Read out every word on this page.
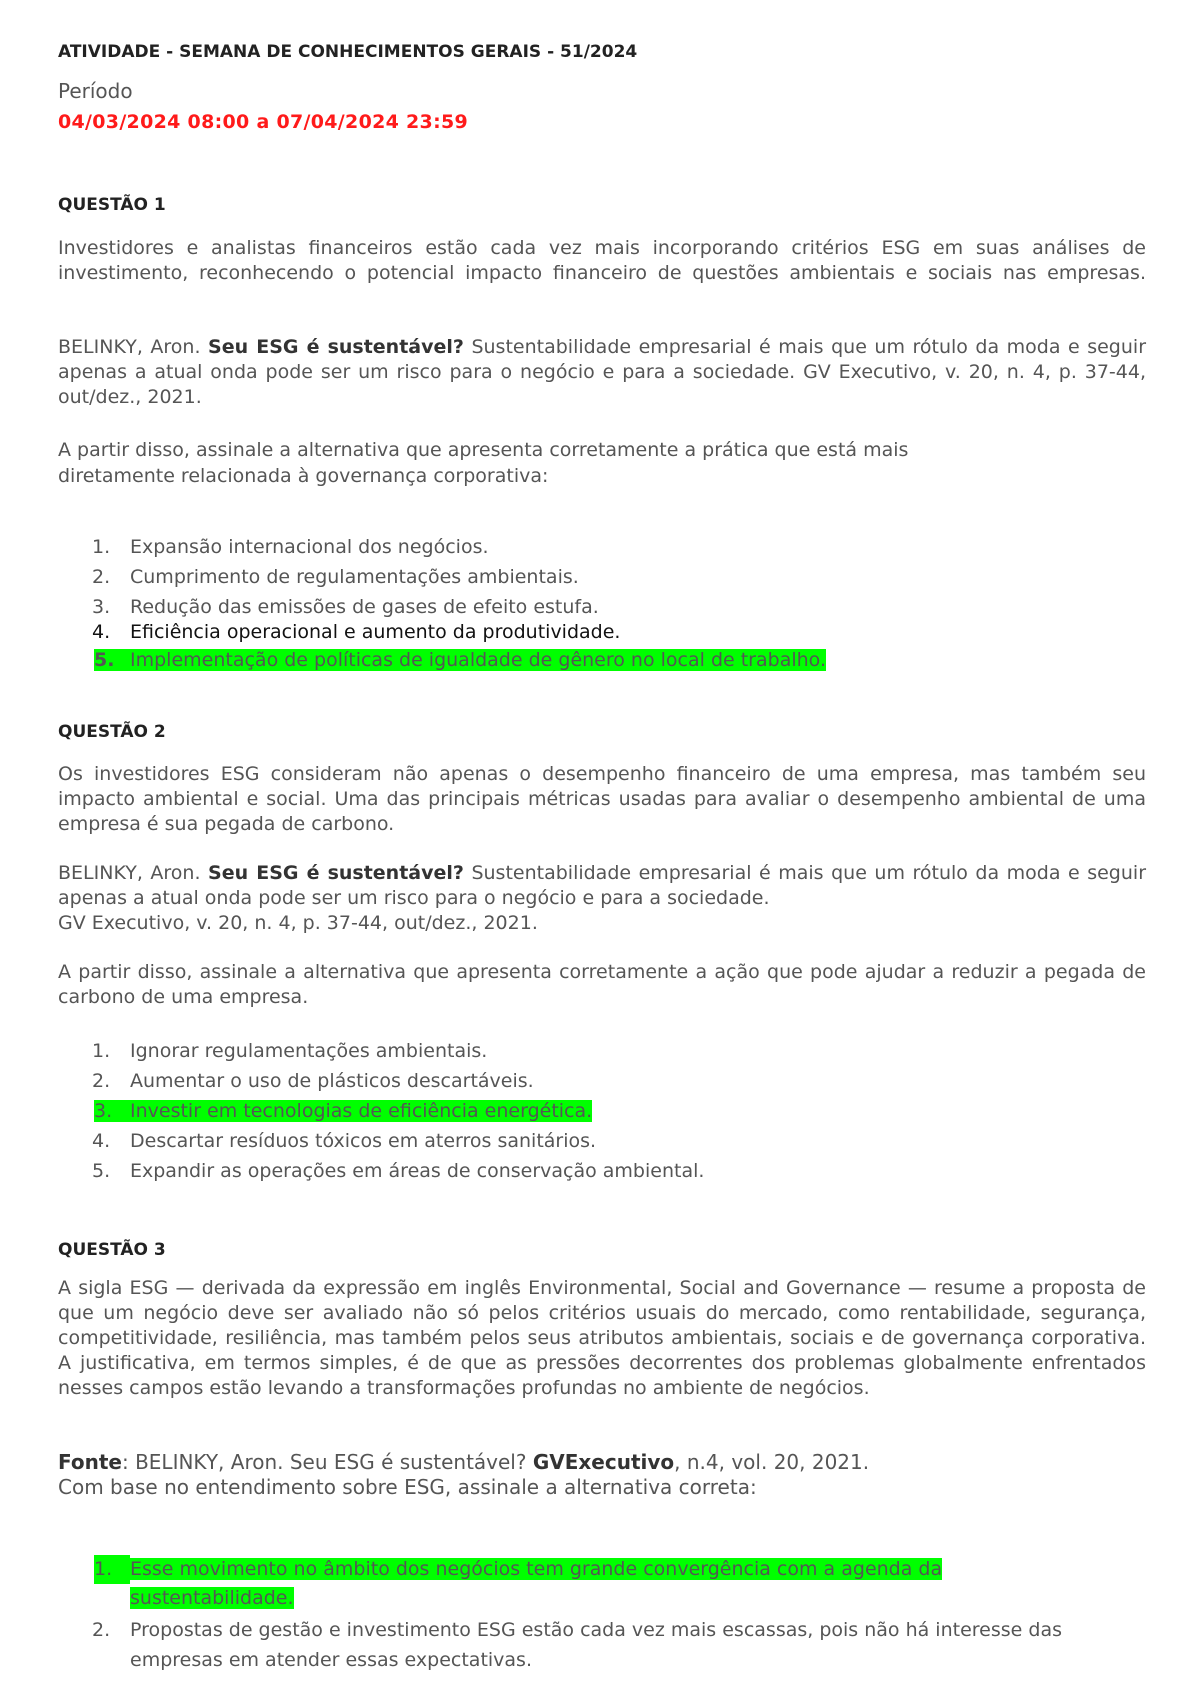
ATIVIDADE - SEMANA DE CONHECIMENTOS GERAIS - 51/2024
Período
04/03/2024 08:00 a 07/04/2024 23:59
QUESTÃO 1
Investidores e analistas financeiros estão cada vez mais incorporando critérios ESG em suas análises de investimento, reconhecendo o potencial impacto financeiro de questões ambientais e sociais nas empresas.
BELINKY, Aron. Seu ESG é sustentável? Sustentabilidade empresarial é mais que um rótulo da moda e seguir apenas a atual onda pode ser um risco para o negócio e para a sociedade. GV Executivo, v. 20, n. 4, p. 37-44, out/dez., 2021.
A partir disso, assinale a alternativa que apresenta corretamente a prática que está mais diretamente relacionada à governança corporativa:
1.	Expansão internacional dos negócios.
2.	Cumprimento de regulamentações ambientais.
3.	Redução das emissões de gases de efeito estufa.
4.	Eficiência operacional e aumento da produtividade.
5. Implementação de políticas de igualdade de gênero no local de trabalho.
QUESTÃO 2
Os investidores ESG consideram não apenas o desempenho financeiro de uma empresa, mas também seu impacto ambiental e social. Uma das principais métricas usadas para avaliar o desempenho ambiental de uma empresa é sua pegada de carbono.
BELINKY, Aron. Seu ESG é sustentável? Sustentabilidade empresarial é mais que um rótulo da moda e seguir apenas a atual onda pode ser um risco para o negócio e para a sociedade.
GV Executivo, v. 20, n. 4, p. 37-44, out/dez., 2021.
A partir disso, assinale a alternativa que apresenta corretamente a ação que pode ajudar a reduzir a pegada de carbono de uma empresa.
1.	Ignorar regulamentações ambientais.
2.	Aumentar o uso de plásticos descartáveis.
3. Investir em tecnologias de eficiência energética.
4.	Descartar resíduos tóxicos em aterros sanitários.
5.	Expandir as operações em áreas de conservação ambiental.
QUESTÃO 3
A sigla ESG — derivada da expressão em inglês Environmental, Social and Governance — resume a proposta de que um negócio deve ser avaliado não só pelos critérios usuais do mercado, como rentabilidade, segurança, competitividade, resiliência, mas também pelos seus atributos ambientais, sociais e de governança corporativa. A justificativa, em termos simples, é de que as pressões decorrentes dos problemas globalmente enfrentados nesses campos estão levando a transformações profundas no ambiente de negócios.
Fonte: BELINKY, Aron. Seu ESG é sustentável? GVExecutivo, n.4, vol. 20, 2021.
Com base no entendimento sobre ESG, assinale a alternativa correta:
1. Esse movimento no âmbito dos negócios tem grande convergência com a agenda da sustentabilidade.
2.	Propostas de gestão e investimento ESG estão cada vez mais escassas, pois não há interesse das empresas em atender essas expectativas.
